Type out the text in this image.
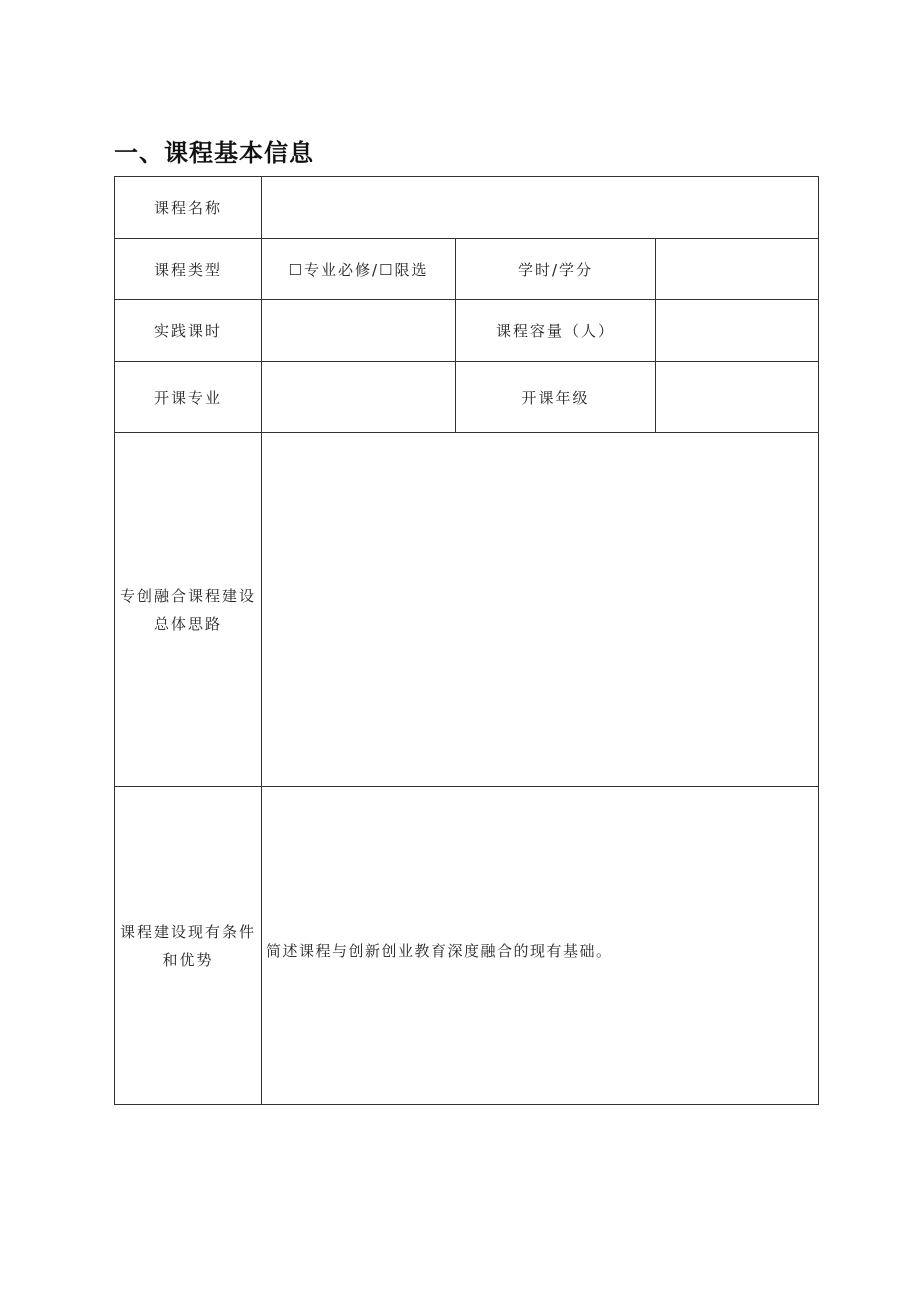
一、课程基本信息
课程名称			
课程类型	☐专业必修/☐限选	学时/学分	
实践课时		课程容量（人）	
开课专业		开课年级	
专创融合课程建设
总体思路			
课程建设现有条件
和优势	简述课程与创新创业教育深度融合的现有基础。		
